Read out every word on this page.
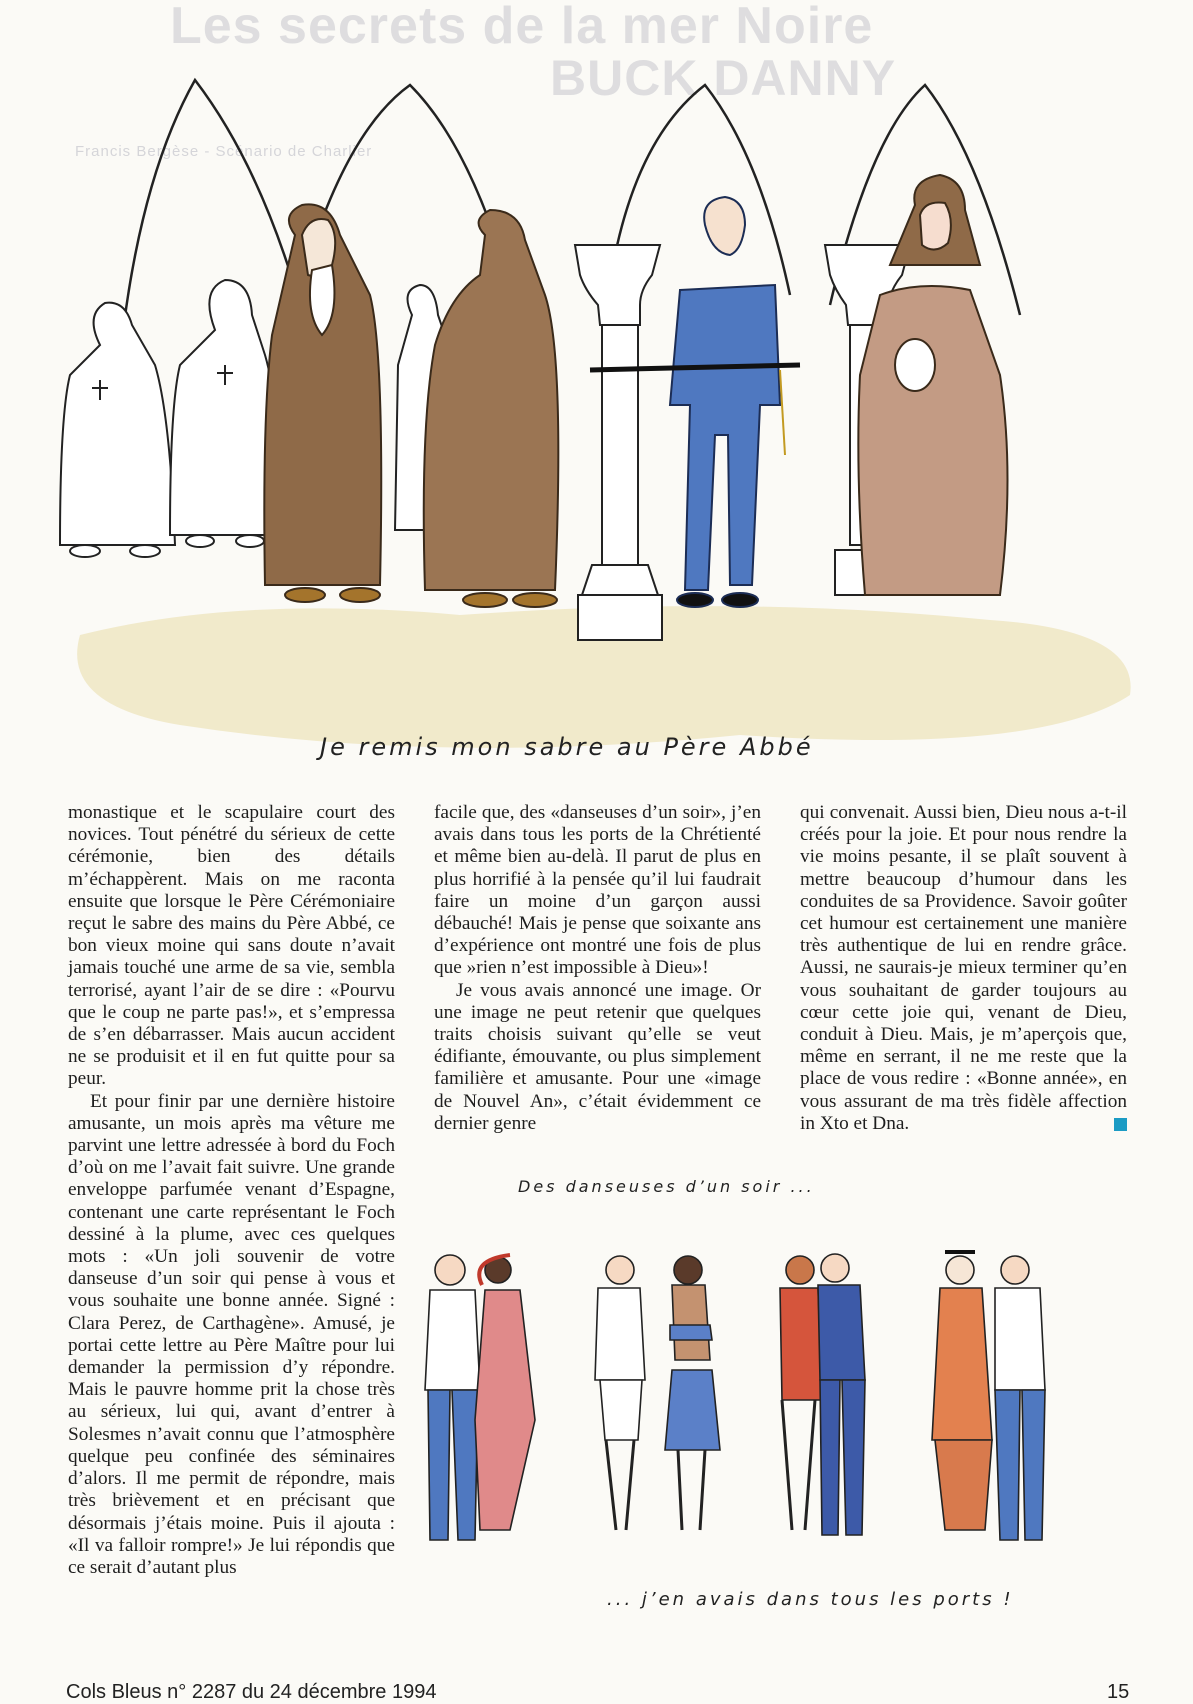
Les secrets de la mer Noire
BUCK DANNY
Francis Bergèse - Scénario de Charlier
Je remis mon sabre au Père Abbé

monastique et le scapulaire court des novices. Tout pénétré du sérieux de cette cérémonie, bien des détails m’échappèrent. Mais on me raconta ensuite que lorsque le Père Cérémoniaire reçut le sabre des mains du Père Abbé, ce bon vieux moine qui sans doute n’avait jamais touché une arme de sa vie, sembla terrorisé, ayant l’air de se dire : «Pourvu que le coup ne parte pas!», et s’empressa de s’en débarrasser. Mais aucun accident ne se produisit et il en fut quitte pour sa peur.

Et pour finir par une dernière histoire amusante, un mois après ma vêture me parvint une lettre adressée à bord du Foch d’où on me l’avait fait suivre. Une grande enveloppe parfumée venant d’Espagne, contenant une carte représentant le Foch dessiné à la plume, avec ces quelques mots : «Un joli souvenir de votre danseuse d’un soir qui pense à vous et vous souhaite une bonne année. Signé : Clara Perez, de Carthagène». Amusé, je portai cette lettre au Père Maître pour lui demander la permission d’y répondre. Mais le pauvre homme prit la chose très au sérieux, lui qui, avant d’entrer à Solesmes n’avait connu que l’atmosphère quelque peu confinée des séminaires d’alors. Il me permit de répondre, mais très brièvement et en précisant que désormais j’étais moine. Puis il ajouta : «Il va falloir rompre!» Je lui répondis que ce serait d’autant plus

facile que, des «danseuses d’un soir», j’en avais dans tous les ports de la Chrétienté et même bien au-delà. Il parut de plus en plus horrifié à la pensée qu’il lui faudrait faire un moine d’un garçon aussi débauché! Mais je pense que soixante ans d’expérience ont montré une fois de plus que »rien n’est impossible à Dieu»!

Je vous avais annoncé une image. Or une image ne peut retenir que quelques traits choisis suivant qu’elle se veut édifiante, émouvante, ou plus simplement familière et amusante. Pour une «image de Nouvel An», c’était évidemment ce dernier genre

qui convenait. Aussi bien, Dieu nous a-t-il créés pour la joie. Et pour nous rendre la vie moins pesante, il se plaît souvent à mettre beaucoup d’humour dans les conduites de sa Providence. Savoir goûter cet humour est certainement une manière très authentique de lui en rendre grâce. Aussi, ne saurais-je mieux terminer qu’en vous souhaitant de garder toujours au cœur cette joie qui, venant de Dieu, conduit à Dieu. Mais, je m’aperçois que, même en serrant, il ne me reste que la place de vous redire : «Bonne année», en vous assurant de ma très fidèle affection in Xto et Dna.

Des danseuses d’un soir ...
... j’en avais dans tous les ports !
Cols Bleus n° 2287 du 24 décembre 1994	15
